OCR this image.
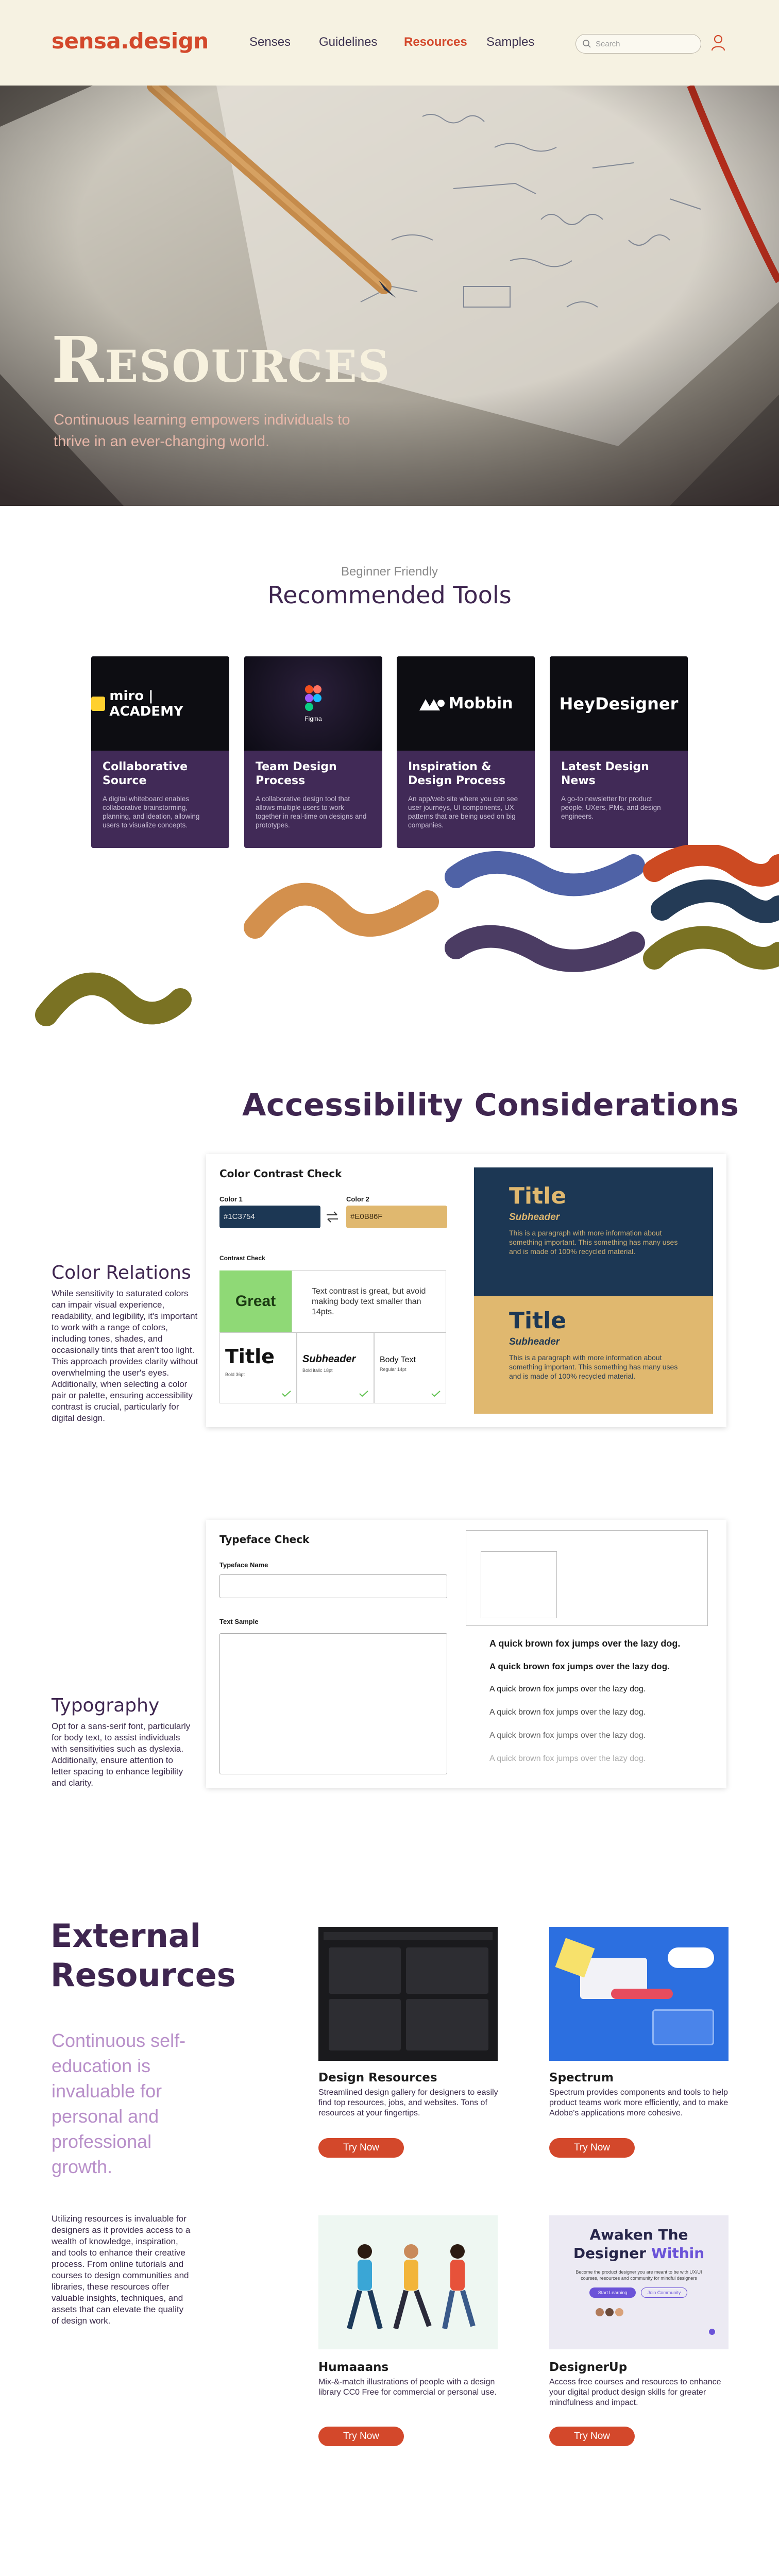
sensa.design	Senses Guidelines Resources Samples
Search
Resources
Continuous learning empowers individuals to thrive in an ever-changing world.
Beginner Friendly
Recommended Tools
miro | ACADEMY
Collaborative Source

A digital whiteboard enables collaborative brainstorming, planning, and ideation, allowing users to visualize concepts.

Figma
Team Design Process

A collaborative design tool that allows multiple users to work together in real-time on designs and prototypes.

Mobbin
Inspiration & Design Process

An app/web site where you can see user journeys, UI components, UX patterns that are being used on big companies.

HeyDesigner
Latest Design News

A go-to newsletter for product people, UXers, PMs, and design engineers.

Accessibility Considerations
Color Relations
While sensitivity to saturated colors can impair visual experience, readability, and legibility, it's important to work with a range of colors, including tones, shades, and occasionally tints that aren't too light. This approach provides clarity without overwhelming the user's eyes. Additionally, when selecting a color pair or palette, ensuring accessibility contrast is crucial, particularly for digital design.
Color Contrast Check
Color 1
#1C3754
Color 2
#E0B86F
Contrast Check
Great
Text contrast is great, but avoid making body text smaller than 14pts.
Title
Bold 36pt
Subheader
Bold italic 18pt
Body Text
Regular 14pt
Title
Subheader
This is a paragraph with more information about something important. This something has many uses and is made of 100% recycled material.
Title
Subheader
This is a paragraph with more information about something important. This something has many uses and is made of 100% recycled material.
Typography
Opt for a sans-serif font, particularly for body text, to assist individuals with sensitivities such as dyslexia. Additionally, ensure attention to letter spacing to enhance legibility and clarity.
Typeface Check
Typeface Name
Text Sample
A quick brown fox jumps over the lazy dog.
A quick brown fox jumps over the lazy dog.
A quick brown fox jumps over the lazy dog.
A quick brown fox jumps over the lazy dog.
A quick brown fox jumps over the lazy dog.
A quick brown fox jumps over the lazy dog.
External Resources
Continuous self-education is invaluable for personal and professional growth.
Utilizing resources is invaluable for designers as it provides access to a wealth of knowledge, inspiration, and tools to enhance their creative process. From online tutorials and courses to design communities and libraries, these resources offer valuable insights, techniques, and assets that can elevate the quality of design work.
Design Resources
Streamlined design gallery for designers to easily find top resources, jobs, and websites. Tons of resources at your fingertips.
Try Now
Spectrum
Spectrum provides components and tools to help product teams work more efficiently, and to make Adobe's applications more cohesive.
Try Now
Humaaans
Mix-&-match illustrations of people with a design library CC0 Free for commercial or personal use.
Try Now
Awaken The
Designer Within
Become the product designer you are meant to be with UX/UI courses, resources and community for mindful designers
Start Learning	Join Community
DesignerUp
Access free courses and resources to enhance your digital product design skills for greater mindfulness and impact.
Try Now
